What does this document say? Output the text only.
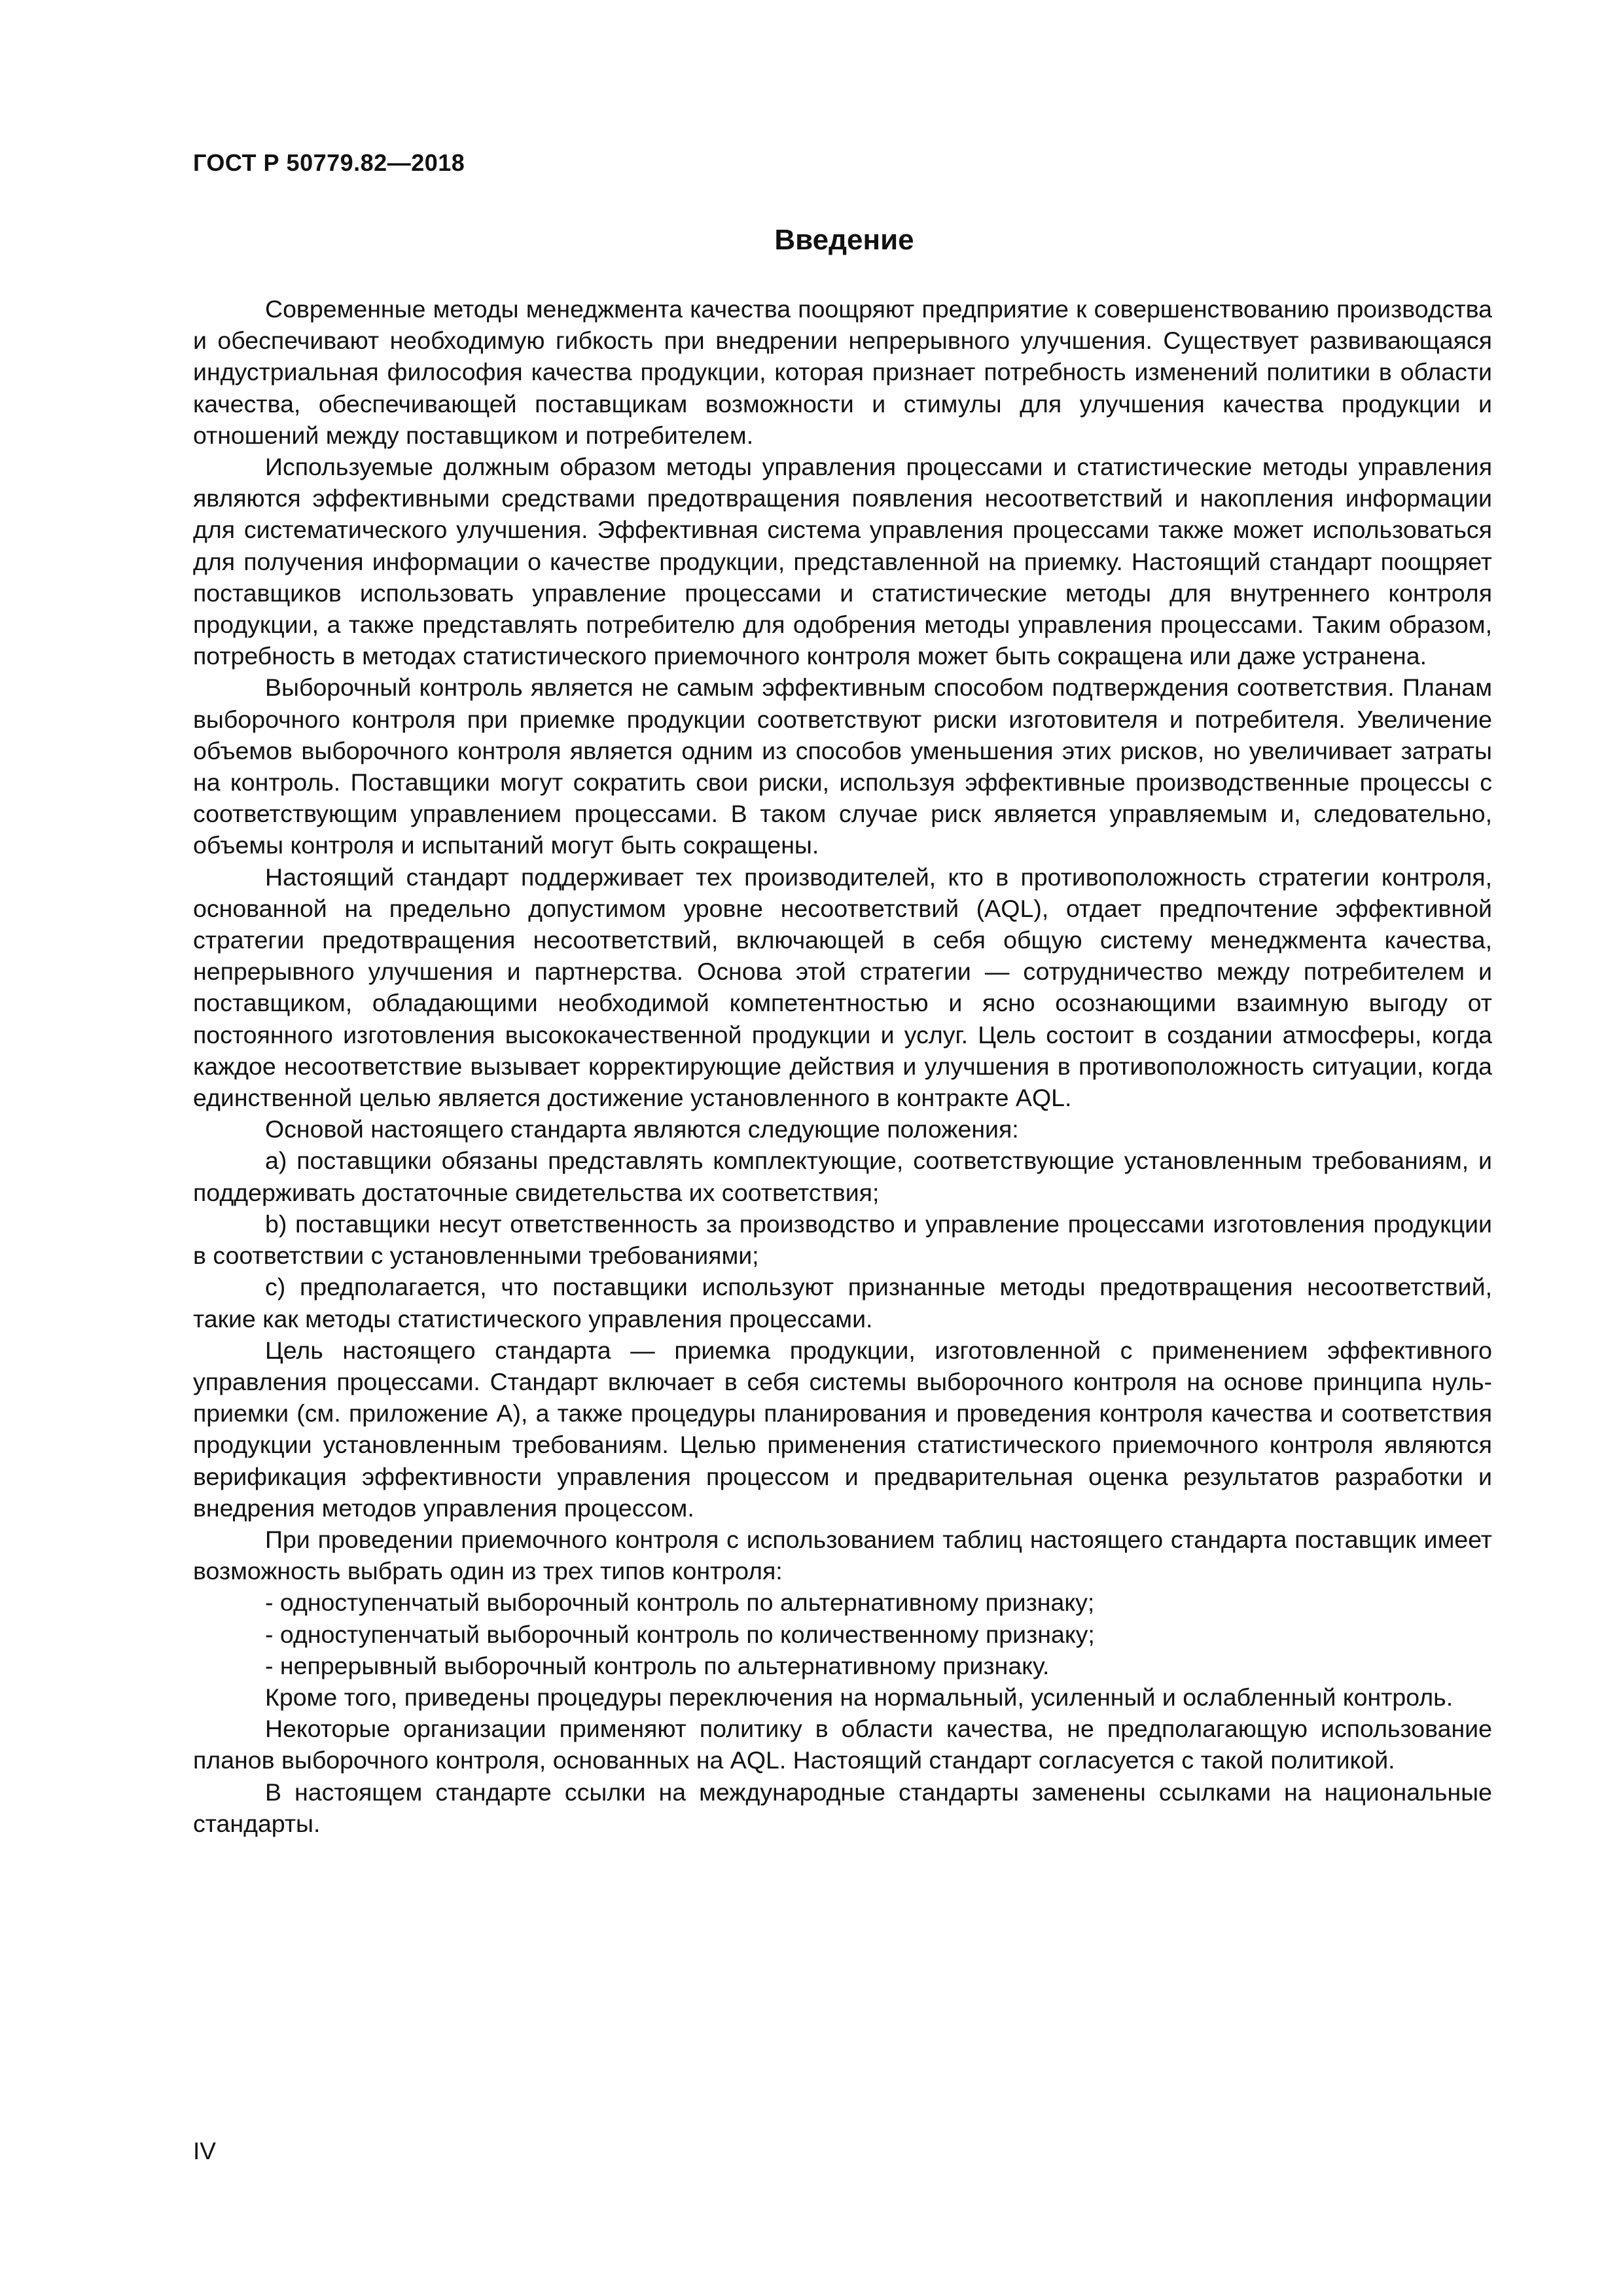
ГОСТ Р 50779.82—2018
Введение

Современные методы менеджмента качества поощряют предприятие к совершенствованию производства и обеспечивают необходимую гибкость при внедрении непрерывного улучшения. Существует развивающаяся индустриальная философия качества продукции, которая признает потребность изменений политики в области качества, обеспечивающей поставщикам возможности и стимулы для улучшения качества продукции и отношений между поставщиком и потребителем.

Используемые должным образом методы управления процессами и статистические методы управления являются эффективными средствами предотвращения появления несоответствий и накопления информации для систематического улучшения. Эффективная система управления процессами также может использоваться для получения информации о качестве продукции, представленной на приемку. Настоящий стандарт поощряет поставщиков использовать управление процессами и статистические методы для внутреннего контроля продукции, а также представлять потребителю для одобрения методы управления процессами. Таким образом, потребность в методах статистического приемочного контроля может быть сокращена или даже устранена.

Выборочный контроль является не самым эффективным способом подтверждения соответствия. Планам выборочного контроля при приемке продукции соответствуют риски изготовителя и потребителя. Увеличение объемов выборочного контроля является одним из способов уменьшения этих рисков, но увеличивает затраты на контроль. Поставщики могут сократить свои риски, используя эффективные производственные процессы с соответствующим управлением процессами. В таком случае риск является управляемым и, следовательно, объемы контроля и испытаний могут быть сокращены.

Настоящий стандарт поддерживает тех производителей, кто в противоположность стратегии контроля, основанной на предельно допустимом уровне несоответствий (AQL), отдает предпочтение эффективной стратегии предотвращения несоответствий, включающей в себя общую систему менеджмента качества, непрерывного улучшения и партнерства. Основа этой стратегии — сотрудничество между потребителем и поставщиком, обладающими необходимой компетентностью и ясно осознающими взаимную выгоду от постоянного изготовления высококачественной продукции и услуг. Цель состоит в создании атмосферы, когда каждое несоответствие вызывает корректирующие действия и улучшения в противоположность ситуации, когда единственной целью является достижение установленного в контракте AQL.

Основой настоящего стандарта являются следующие положения:

a) поставщики обязаны представлять комплектующие, соответствующие установленным требованиям, и поддерживать достаточные свидетельства их соответствия;

b) поставщики несут ответственность за производство и управление процессами изготовления продукции в соответствии с установленными требованиями;

c) предполагается, что поставщики используют признанные методы предотвращения несоответствий, такие как методы статистического управления процессами.

Цель настоящего стандарта — приемка продукции, изготовленной с применением эффективного управления процессами. Стандарт включает в себя системы выборочного контроля на основе принципа нуль-приемки (см. приложение А), а также процедуры планирования и проведения контроля качества и соответствия продукции установленным требованиям. Целью применения статистического приемочного контроля являются верификация эффективности управления процессом и предварительная оценка результатов разработки и внедрения методов управления процессом.

При проведении приемочного контроля с использованием таблиц настоящего стандарта поставщик имеет возможность выбрать один из трех типов контроля:

- одноступенчатый выборочный контроль по альтернативному признаку;

- одноступенчатый выборочный контроль по количественному признаку;

- непрерывный выборочный контроль по альтернативному признаку.

Кроме того, приведены процедуры переключения на нормальный, усиленный и ослабленный контроль.

Некоторые организации применяют политику в области качества, не предполагающую использование планов выборочного контроля, основанных на AQL. Настоящий стандарт согласуется с такой политикой.

В настоящем стандарте ссылки на международные стандарты заменены ссылками на национальные стандарты.

IV
